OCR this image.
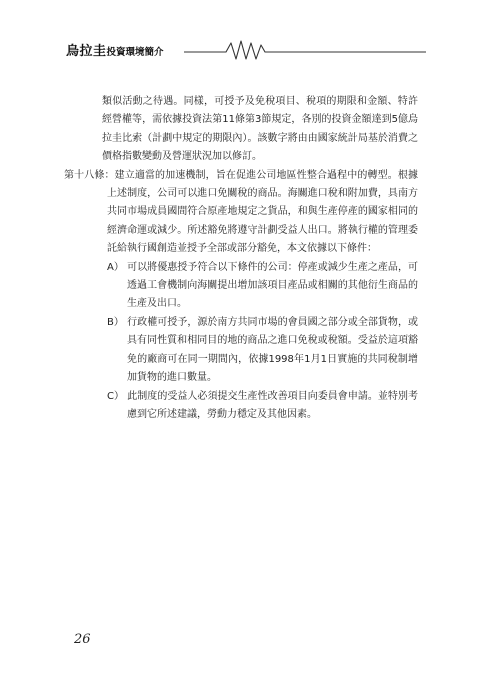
烏拉圭投資環境簡介

類似活動之待遇。同樣，可授予及免稅項目、稅項的期限和金額、特許經營權等，需依據投資法第11條第3節規定，各別的投資金額達到5億烏拉圭比索（計劃中規定的期限內）。該數字將由由國家統計局基於消費之價格指數變動及營運狀況加以修訂。

第十八條：建立適當的加速機制，旨在促進公司地區性整合過程中的轉型。根據上述制度，公司可以進口免關稅的商品。海關進口稅和附加費，具南方共同市場成員國間符合原產地規定之貨品，和與生產停產的國家相同的經濟命運或減少。所述豁免將遵守計劃受益人出口。將執行權的管理委託給執行國創造並授予全部或部分豁免，本文依據以下條件：

A） 可以將優惠授予符合以下條件的公司：停產或減少生產之產品，可透過工會機制向海關提出增加該項目產品或相關的其他衍生商品的生產及出口。

B） 行政權可授予，源於南方共同市場的會員國之部分或全部貨物，或具有同性質和相同目的地的商品之進口免稅或稅額。受益於這項豁免的廠商可在同一期間內，依據1998年1月1日實施的共同稅制增加貨物的進口數量。

C） 此制度的受益人必須提交生產性改善項目向委員會申請。並特別考慮到它所述建議，勞動力穩定及其他因素。

26
